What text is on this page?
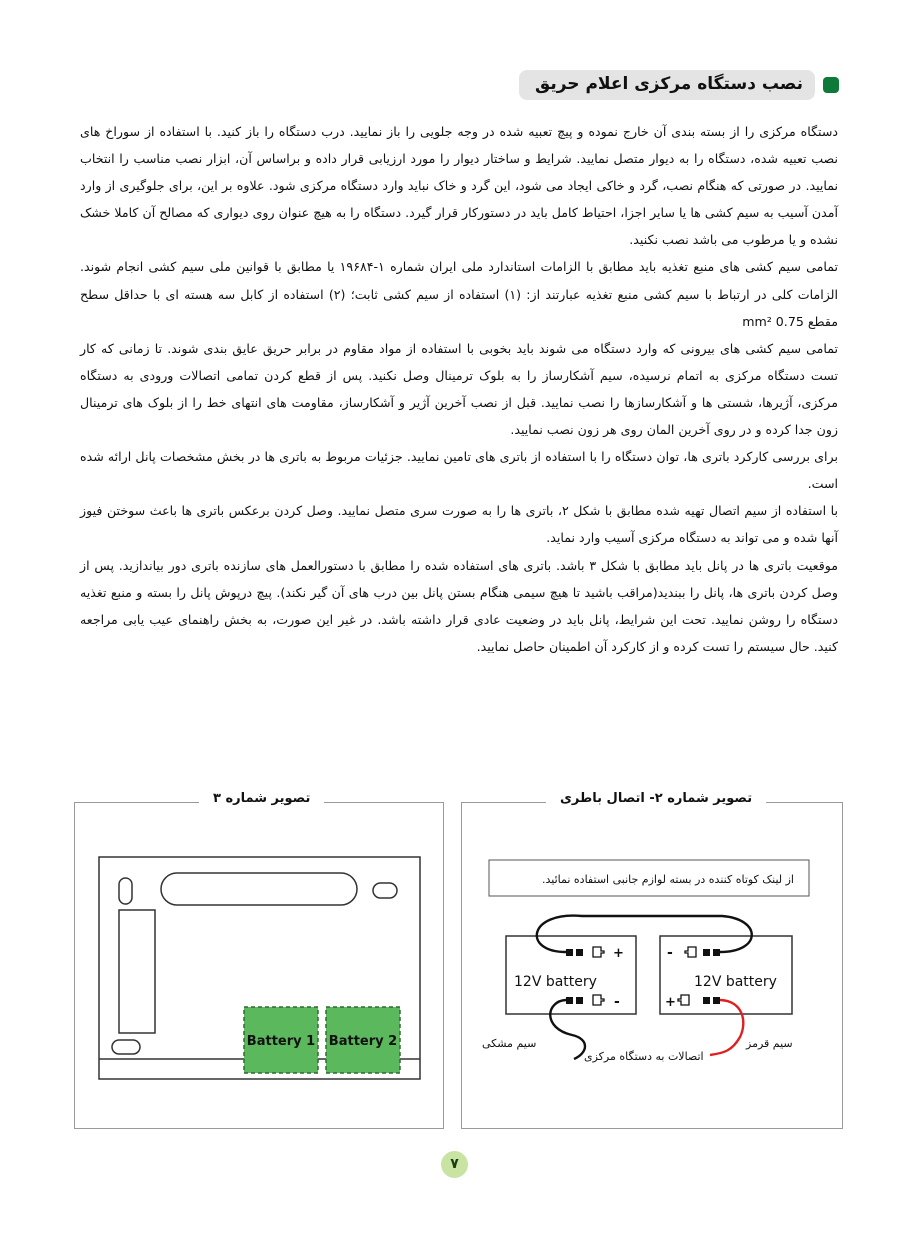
نصب دستگاه مرکزی اعلام حریق

دستگاه مرکزی را از بسته بندی آن خارج نموده و پیچ تعبیه شده در وجه جلویی را باز نمایید. درب دستگاه را باز کنید. با استفاده از سوراخ های نصب تعبیه شده، دستگاه را به دیوار متصل نمایید. شرایط و ساختار دیوار را مورد ارزیابی قرار داده و براساس آن، ابزار نصب مناسب را انتخاب نمایید. در صورتی که هنگام نصب، گرد و خاکی ایجاد می شود، این گرد و خاک نباید وارد دستگاه مرکزی شود. علاوه بر این، برای جلوگیری از وارد آمدن آسیب به سیم کشی ها یا سایر اجزا، احتیاط کامل باید در دستورکار قرار گیرد. دستگاه را به هیچ عنوان روی دیواری که مصالح آن کاملا خشک نشده و یا مرطوب می باشد نصب نکنید.

تمامی سیم کشی های منبع تغذیه باید مطابق با الزامات استاندارد ملی ایران شماره ۱-۱۹۶۸۴ یا مطابق با قوانین ملی سیم کشی انجام شوند. الزامات کلی در ارتباط با سیم کشی منبع تغذیه عبارتند از: (۱) استفاده از سیم کشی ثابت؛ (۲) استفاده از کابل سه هسته ای با حداقل سطح مقطع 0.75 mm²

تمامی سیم کشی های بیرونی که وارد دستگاه می شوند باید بخوبی با استفاده از مواد مقاوم در برابر حریق عایق بندی شوند. تا زمانی که کار تست دستگاه مرکزی به اتمام نرسیده، سیم آشکارساز را به بلوک ترمینال وصل نکنید. پس از قطع کردن تمامی اتصالات ورودی به دستگاه مرکزی، آژیرها، شستی ها و آشکارسازها را نصب نمایید. قبل از نصب آخرین آژیر و آشکارساز، مقاومت های انتهای خط را از بلوک های ترمینال زون جدا کرده و در روی آخرین المان روی هر زون نصب نمایید.

برای بررسی کارکرد باتری ها، توان دستگاه را با استفاده از باتری های تامین نمایید. جزئیات مربوط به باتری ها در بخش مشخصات پانل ارائه شده است.

با استفاده از سیم اتصال تهیه شده مطابق با شکل ۲، باتری ها را به صورت سری متصل نمایید. وصل کردن برعکس باتری ها باعث سوختن فیوز آنها شده و می تواند به دستگاه مرکزی آسیب وارد نماید.

موقعیت باتری ها در پانل باید مطابق با شکل ۳ باشد. باتری های استفاده شده را مطابق با دستورالعمل های سازنده باتری دور بیاندازید. پس از وصل کردن باتری ها، پانل را ببندید(مراقب باشید تا هیچ سیمی هنگام بستن پانل بین درب های آن گیر نکند). پیچ درپوش پانل را بسته و منبع تغذیه دستگاه را روشن نمایید. تحت این شرایط، پانل باید در وضعیت عادی قرار داشته باشد. در غیر این صورت، به بخش راهنمای عیب یابی مراجعه کنید. حال سیستم را تست کرده و از کارکرد آن اطمینان حاصل نمایید.

تصویر شماره ۳
Battery 1 Battery 2
تصویر شماره ۲- اتصال باطری
از لینک کوتاه کننده در بسته لوازم جانبی استفاده نمائید.
12V battery	12V battery
+
-
-
+
سیم مشکی
اتصالات به دستگاه مرکزی
سیم قرمز
۷
